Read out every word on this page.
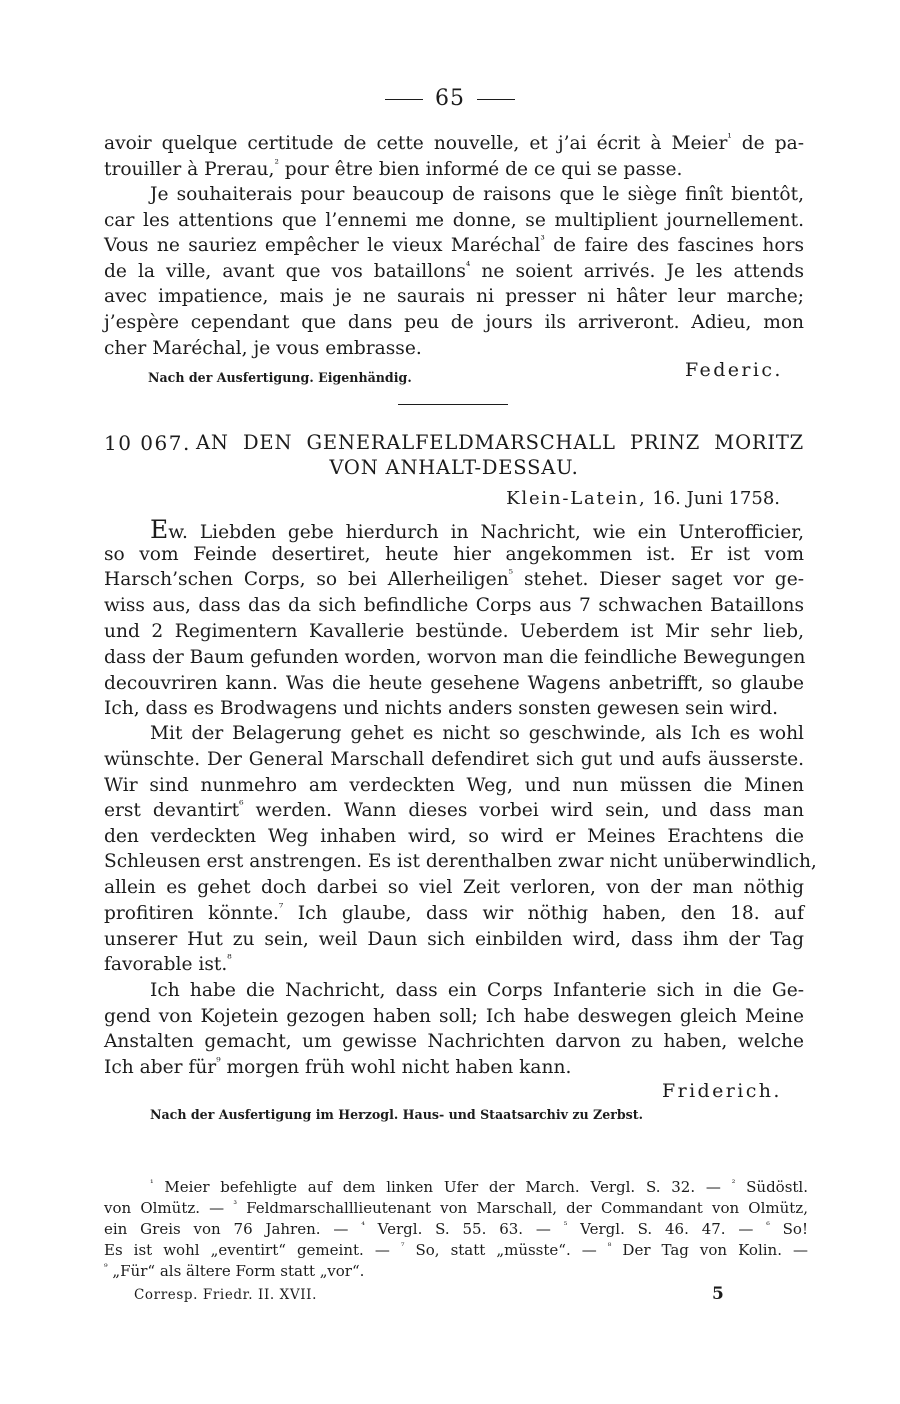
65
avoir quelque certitude de cette nouvelle, et j’ai écrit à Meier$^{^1}$ de pa-
trouiller à Prerau,$^{^2}$ pour être bien informé de ce qui se passe.
Je souhaiterais pour beaucoup de raisons que le siège finît bientôt,
car les attentions que l’ennemi me donne, se multiplient journellement.
Vous ne sauriez empêcher le vieux Maréchal$^{^3}$ de faire des fascines hors
de la ville, avant que vos bataillons$^{^4}$ ne soient arrivés. Je les attends
avec impatience, mais je ne saurais ni presser ni hâter leur marche;
j’espère cependant que dans peu de jours ils arriveront. Adieu, mon
cher Maréchal, je vous embrasse.
Nach der Ausfertigung. Eigenhändig.	Federic.
10 067. AN DEN GENERALFELDMARSCHALL PRINZ MORITZ
VON ANHALT-DESSAU.
Klein-Latein, 16. Juni 1758.
Ew. Liebden gebe hierdurch in Nachricht, wie ein Unterofficier,
so vom Feinde desertiret, heute hier angekommen ist. Er ist vom
Harsch’schen Corps, so bei Allerheiligen$^{^5}$ stehet. Dieser saget vor ge-
wiss aus, dass das da sich befindliche Corps aus 7 schwachen Bataillons
und 2 Regimentern Kavallerie bestünde. Ueberdem ist Mir sehr lieb,
dass der Baum gefunden worden, worvon man die feindliche Bewegungen
decouvriren kann. Was die heute gesehene Wagens anbetrifft, so glaube
Ich, dass es Brodwagens und nichts anders sonsten gewesen sein wird.
Mit der Belagerung gehet es nicht so geschwinde, als Ich es wohl
wünschte. Der General Marschall defendiret sich gut und aufs äusserste.
Wir sind nunmehro am verdeckten Weg, und nun müssen die Minen
erst devantirt$^{^6}$ werden. Wann dieses vorbei wird sein, und dass man
den verdeckten Weg inhaben wird, so wird er Meines Erachtens die
Schleusen erst anstrengen. Es ist derenthalben zwar nicht unüberwindlich,
allein es gehet doch darbei so viel Zeit verloren, von der man nöthig
profitiren könnte.$^{^7}$ Ich glaube, dass wir nöthig haben, den 18. auf
unserer Hut zu sein, weil Daun sich einbilden wird, dass ihm der Tag
favorable ist.$^{^8}$
Ich habe die Nachricht, dass ein Corps Infanterie sich in die Ge-
gend von Kojetein gezogen haben soll; Ich habe deswegen gleich Meine
Anstalten gemacht, um gewisse Nachrichten darvon zu haben, welche
Ich aber für$^{^9}$ morgen früh wohl nicht haben kann.
Friderich.
Nach der Ausfertigung im Herzogl. Haus- und Staatsarchiv zu Zerbst.
$^{^1}$ Meier befehligte auf dem linken Ufer der March. Vergl. S. 32. — $^{^2}$ Südöstl.
von Olmütz. — $^{^3}$ Feldmarschalllieutenant von Marschall, der Commandant von Olmütz,
ein Greis von 76 Jahren. — $^{^4}$ Vergl. S. 55. 63. — $^{^5}$ Vergl. S. 46. 47. — $^{^6}$ So!
Es ist wohl „eventirt“ gemeint. — $^{^7}$ So, statt „müsste“. — $^{^8}$ Der Tag von Kolin. —
$^{^9}$ „Für“ als ältere Form statt „vor“.
Corresp. Friedr. II. XVII.	5
